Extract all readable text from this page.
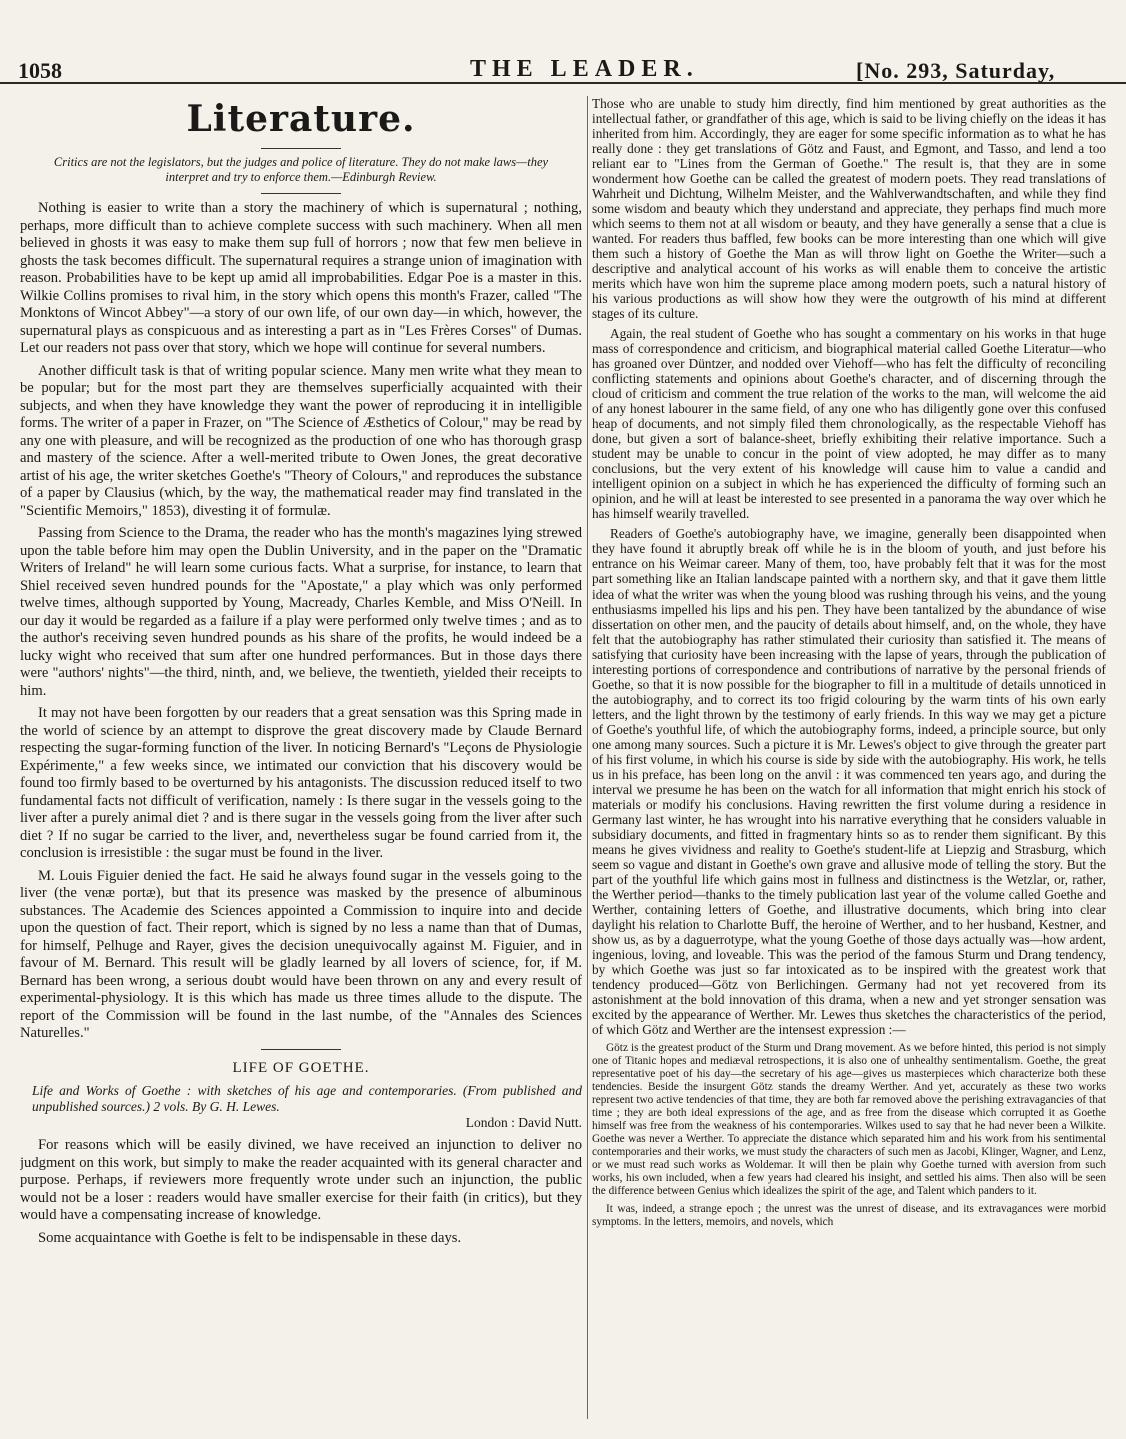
1058	THE LEADER.	[No. 293, Saturday,
Literature.
Critics are not the legislators, but the judges and police of literature. They do not make laws—they interpret and try to enforce them.—Edinburgh Review.

Nothing is easier to write than a story the machinery of which is supernatural ; nothing, perhaps, more difficult than to achieve complete success with such machinery. When all men believed in ghosts it was easy to make them sup full of horrors ; now that few men believe in ghosts the task becomes difficult. The supernatural requires a strange union of imagination with reason. Probabilities have to be kept up amid all improbabilities. Edgar Poe is a master in this. Wilkie Collins promises to rival him, in the story which opens this month's Frazer, called "The Monktons of Wincot Abbey"—a story of our own life, of our own day—in which, however, the supernatural plays as conspicuous and as interesting a part as in "Les Frères Corses" of Dumas. Let our readers not pass over that story, which we hope will continue for several numbers.

Another difficult task is that of writing popular science. Many men write what they mean to be popular; but for the most part they are themselves superficially acquainted with their subjects, and when they have knowledge they want the power of reproducing it in intelligible forms. The writer of a paper in Frazer, on "The Science of Æsthetics of Colour," may be read by any one with pleasure, and will be recognized as the production of one who has thorough grasp and mastery of the science. After a well-merited tribute to Owen Jones, the great decorative artist of his age, the writer sketches Goethe's "Theory of Colours," and reproduces the substance of a paper by Clausius (which, by the way, the mathematical reader may find translated in the "Scientific Memoirs," 1853), divesting it of formulæ.

Passing from Science to the Drama, the reader who has the month's magazines lying strewed upon the table before him may open the Dublin University, and in the paper on the "Dramatic Writers of Ireland" he will learn some curious facts. What a surprise, for instance, to learn that Shiel received seven hundred pounds for the "Apostate," a play which was only performed twelve times, although supported by Young, Macready, Charles Kemble, and Miss O'Neill. In our day it would be regarded as a failure if a play were performed only twelve times ; and as to the author's receiving seven hundred pounds as his share of the profits, he would indeed be a lucky wight who received that sum after one hundred performances. But in those days there were "authors' nights"—the third, ninth, and, we believe, the twentieth, yielded their receipts to him.

It may not have been forgotten by our readers that a great sensation was this Spring made in the world of science by an attempt to disprove the great discovery made by Claude Bernard respecting the sugar-forming function of the liver. In noticing Bernard's "Leçons de Physiologie Expérimente," a few weeks since, we intimated our conviction that his discovery would be found too firmly based to be overturned by his antagonists. The discussion reduced itself to two fundamental facts not difficult of verification, namely : Is there sugar in the vessels going to the liver after a purely animal diet ? and is there sugar in the vessels going from the liver after such diet ? If no sugar be carried to the liver, and, nevertheless sugar be found carried from it, the conclusion is irresistible : the sugar must be found in the liver.

M. Louis Figuier denied the fact. He said he always found sugar in the vessels going to the liver (the venæ portæ), but that its presence was masked by the presence of albuminous substances. The Academie des Sciences appointed a Commission to inquire into and decide upon the question of fact. Their report, which is signed by no less a name than that of Dumas, for himself, Pelhuge and Rayer, gives the decision unequivocally against M. Figuier, and in favour of M. Bernard. This result will be gladly learned by all lovers of science, for, if M. Bernard has been wrong, a serious doubt would have been thrown on any and every result of experimental-physiology. It is this which has made us three times allude to the dispute. The report of the Commission will be found in the last numbe, of the "Annales des Sciences Naturelles."

LIFE OF GOETHE.
Life and Works of Goethe : with sketches of his age and contemporaries. (From published and unpublished sources.) 2 vols. By G. H. Lewes.
London : David Nutt.

For reasons which will be easily divined, we have received an injunction to deliver no judgment on this work, but simply to make the reader acquainted with its general character and purpose. Perhaps, if reviewers more frequently wrote under such an injunction, the public would not be a loser : readers would have smaller exercise for their faith (in critics), but they would have a compensating increase of knowledge.

Some acquaintance with Goethe is felt to be indispensable in these days.

Those who are unable to study him directly, find him mentioned by great authorities as the intellectual father, or grandfather of this age, which is said to be living chiefly on the ideas it has inherited from him. Accordingly, they are eager for some specific information as to what he has really done : they get translations of Götz and Faust, and Egmont, and Tasso, and lend a too reliant ear to "Lines from the German of Goethe." The result is, that they are in some wonderment how Goethe can be called the greatest of modern poets. They read translations of Wahrheit und Dichtung, Wilhelm Meister, and the Wahlverwandtschaften, and while they find some wisdom and beauty which they understand and appreciate, they perhaps find much more which seems to them not at all wisdom or beauty, and they have generally a sense that a clue is wanted. For readers thus baffled, few books can be more interesting than one which will give them such a history of Goethe the Man as will throw light on Goethe the Writer—such a descriptive and analytical account of his works as will enable them to conceive the artistic merits which have won him the supreme place among modern poets, such a natural history of his various productions as will show how they were the outgrowth of his mind at different stages of its culture.

Again, the real student of Goethe who has sought a commentary on his works in that huge mass of correspondence and criticism, and biographical material called Goethe Literatur—who has groaned over Düntzer, and nodded over Viehoff—who has felt the difficulty of reconciling conflicting statements and opinions about Goethe's character, and of discerning through the cloud of criticism and comment the true relation of the works to the man, will welcome the aid of any honest labourer in the same field, of any one who has diligently gone over this confused heap of documents, and not simply filed them chronologically, as the respectable Viehoff has done, but given a sort of balance-sheet, briefly exhibiting their relative importance. Such a student may be unable to concur in the point of view adopted, he may differ as to many conclusions, but the very extent of his knowledge will cause him to value a candid and intelligent opinion on a subject in which he has experienced the difficulty of forming such an opinion, and he will at least be interested to see presented in a panorama the way over which he has himself wearily travelled.

Readers of Goethe's autobiography have, we imagine, generally been disappointed when they have found it abruptly break off while he is in the bloom of youth, and just before his entrance on his Weimar career. Many of them, too, have probably felt that it was for the most part something like an Italian landscape painted with a northern sky, and that it gave them little idea of what the writer was when the young blood was rushing through his veins, and the young enthusiasms impelled his lips and his pen. They have been tantalized by the abundance of wise dissertation on other men, and the paucity of details about himself, and, on the whole, they have felt that the autobiography has rather stimulated their curiosity than satisfied it. The means of satisfying that curiosity have been increasing with the lapse of years, through the publication of interesting portions of correspondence and contributions of narrative by the personal friends of Goethe, so that it is now possible for the biographer to fill in a multitude of details unnoticed in the autobiography, and to correct its too frigid colouring by the warm tints of his own early letters, and the light thrown by the testimony of early friends. In this way we may get a picture of Goethe's youthful life, of which the autobiography forms, indeed, a principle source, but only one among many sources. Such a picture it is Mr. Lewes's object to give through the greater part of his first volume, in which his course is side by side with the autobiography. His work, he tells us in his preface, has been long on the anvil : it was commenced ten years ago, and during the interval we presume he has been on the watch for all information that might enrich his stock of materials or modify his conclusions. Having rewritten the first volume during a residence in Germany last winter, he has wrought into his narrative everything that he considers valuable in subsidiary documents, and fitted in fragmentary hints so as to render them significant. By this means he gives vividness and reality to Goethe's student-life at Liepzig and Strasburg, which seem so vague and distant in Goethe's own grave and allusive mode of telling the story. But the part of the youthful life which gains most in fullness and distinctness is the Wetzlar, or, rather, the Werther period—thanks to the timely publication last year of the volume called Goethe and Werther, containing letters of Goethe, and illustrative documents, which bring into clear daylight his relation to Charlotte Buff, the heroine of Werther, and to her husband, Kestner, and show us, as by a daguerrotype, what the young Goethe of those days actually was—how ardent, ingenious, loving, and loveable. This was the period of the famous Sturm und Drang tendency, by which Goethe was just so far intoxicated as to be inspired with the greatest work that tendency produced—Götz von Berlichingen. Germany had not yet recovered from its astonishment at the bold innovation of this drama, when a new and yet stronger sensation was excited by the appearance of Werther. Mr. Lewes thus sketches the characteristics of the period, of which Götz and Werther are the intensest expression :—

Götz is the greatest product of the Sturm und Drang movement. As we before hinted, this period is not simply one of Titanic hopes and mediæval retrospections, it is also one of unhealthy sentimentalism. Goethe, the great representative poet of his day—the secretary of his age—gives us masterpieces which characterize both these tendencies. Beside the insurgent Götz stands the dreamy Werther. And yet, accurately as these two works represent two active tendencies of that time, they are both far removed above the perishing extravagancies of that time ; they are both ideal expressions of the age, and as free from the disease which corrupted it as Goethe himself was free from the weakness of his contemporaries. Wilkes used to say that he had never been a Wilkite. Goethe was never a Werther. To appreciate the distance which separated him and his work from his sentimental contemporaries and their works, we must study the characters of such men as Jacobi, Klinger, Wagner, and Lenz, or we must read such works as Woldemar. It will then be plain why Goethe turned with aversion from such works, his own included, when a few years had cleared his insight, and settled his aims. Then also will be seen the difference between Genius which idealizes the spirit of the age, and Talent which panders to it.

It was, indeed, a strange epoch ; the unrest was the unrest of disease, and its extravagances were morbid symptoms. In the letters, memoirs, and novels, which
